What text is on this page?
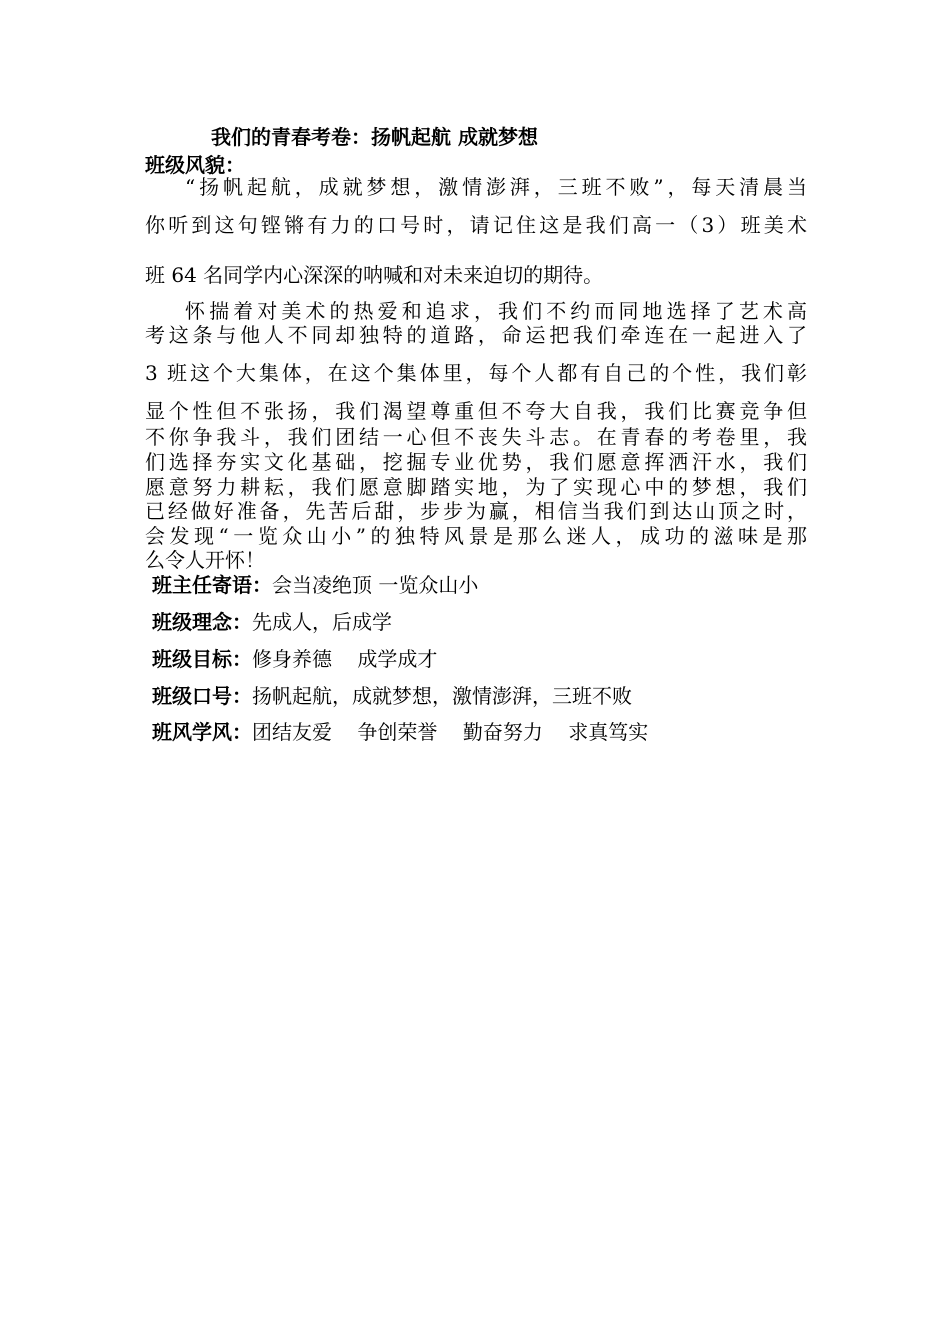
我们的青春考卷：扬帆起航 成就梦想
班级风貌：
“扬帆起航，成就梦想，激情澎湃，三班不败”，每天清晨当
你听到这句铿锵有力的口号时，请记住这是我们高一（3）班美术
班 64 名同学内心深深的呐喊和对未来迫切的期待。
怀揣着对美术的热爱和追求，我们不约而同地选择了艺术高
考这条与他人不同却独特的道路，命运把我们牵连在一起进入了
3 班这个大集体，在这个集体里，每个人都有自己的个性，我们彰
显个性但不张扬，我们渴望尊重但不夸大自我，我们比赛竞争但
不你争我斗，我们团结一心但不丧失斗志。在青春的考卷里，我
们选择夯实文化基础，挖掘专业优势，我们愿意挥洒汗水，我们
愿意努力耕耘，我们愿意脚踏实地，为了实现心中的梦想，我们
已经做好准备，先苦后甜，步步为赢，相信当我们到达山顶之时，
会发现“一览众山小”的独特风景是那么迷人，成功的滋味是那
么令人开怀！
班主任寄语：会当凌绝顶 一览众山小
班级理念：先成人，后成学
班级目标：修身养德    成学成才
班级口号：扬帆起航，成就梦想，激情澎湃，三班不败
班风学风：团结友爱    争创荣誉    勤奋努力    求真笃实
